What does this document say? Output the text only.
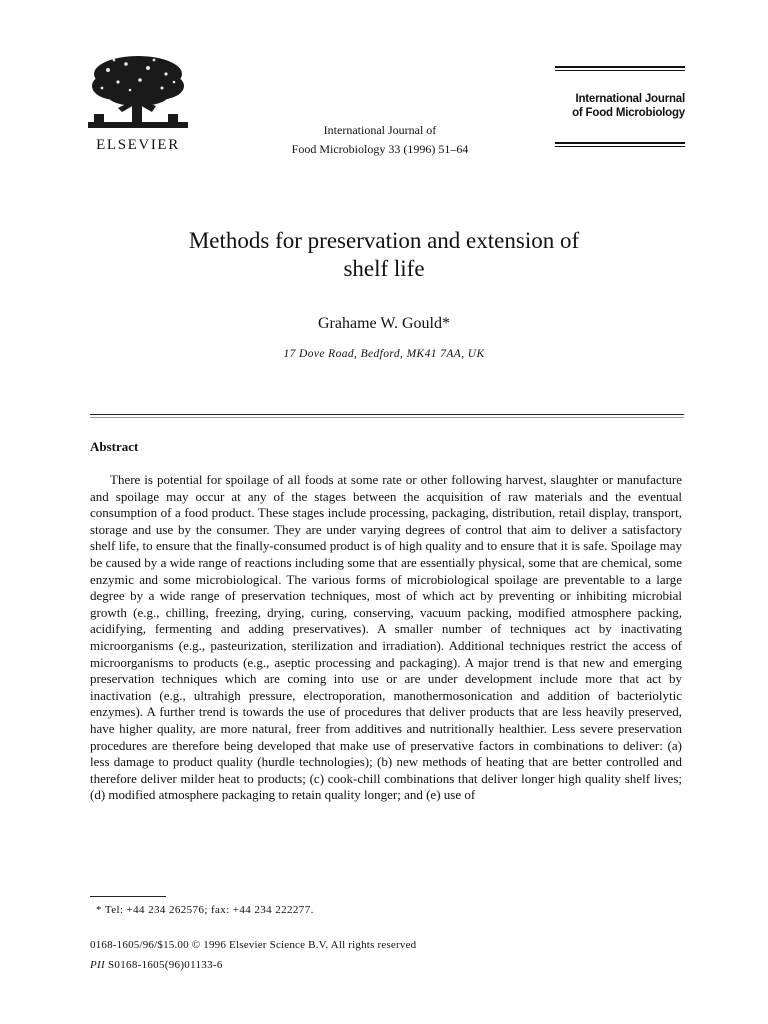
ELSEVIER
International Journal of
Food Microbiology 33 (1996) 51–64
International Journal
of Food Microbiology
Methods for preservation and extension of
shelf life
Grahame W. Gould*
17 Dove Road, Bedford, MK41 7AA, UK
Abstract

There is potential for spoilage of all foods at some rate or other following harvest, slaughter or manufacture and spoilage may occur at any of the stages between the acquisition of raw materials and the eventual consumption of a food product. These stages include processing, packaging, distribution, retail display, transport, storage and use by the consumer. They are under varying degrees of control that aim to deliver a satisfactory shelf life, to ensure that the finally-consumed product is of high quality and to ensure that it is safe. Spoilage may be caused by a wide range of reactions including some that are essentially physical, some that are chemical, some enzymic and some microbiological. The various forms of microbiological spoilage are preventable to a large degree by a wide range of preservation techniques, most of which act by preventing or inhibiting microbial growth (e.g., chilling, freezing, drying, curing, conserving, vacuum packing, modified atmosphere packing, acidifying, fermenting and adding preservatives). A smaller number of techniques act by inactivating microorganisms (e.g., pasteurization, sterilization and irradiation). Additional techniques restrict the access of microorganisms to products (e.g., aseptic processing and packaging). A major trend is that new and emerging preservation techniques which are coming into use or are under development include more that act by inactivation (e.g., ultrahigh pressure, electroporation, manothermosonication and addition of bacteriolytic enzymes). A further trend is towards the use of procedures that deliver products that are less heavily preserved, have higher quality, are more natural, freer from additives and nutritionally healthier. Less severe preservation procedures are therefore being developed that make use of preservative factors in combinations to deliver: (a) less damage to product quality (hurdle technologies); (b) new methods of heating that are better controlled and therefore deliver milder heat to products; (c) cook-chill combinations that deliver longer high quality shelf lives; (d) modified atmosphere packaging to retain quality longer; and (e) use of

* Tel: +44 234 262576; fax: +44 234 222277.
0168-1605/96/$15.00 © 1996 Elsevier Science B.V. All rights reserved
PII S0168-1605(96)01133-6
